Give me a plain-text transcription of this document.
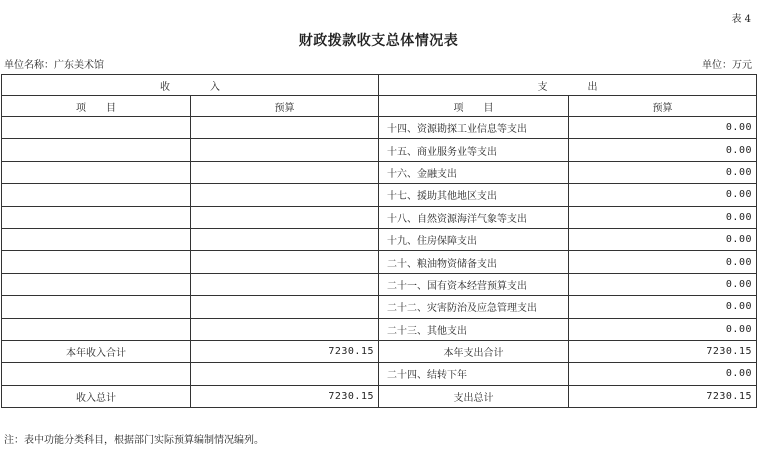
表 4
财政拨款收支总体情况表
单位名称：广东美术馆	单位：万元
收　　　　入		支　　　　出	
项　　目	预算	项　　目	预算
		十四、资源勘探工业信息等支出	0.00
		十五、商业服务业等支出	0.00
		十六、金融支出	0.00
		十七、援助其他地区支出	0.00
		十八、自然资源海洋气象等支出	0.00
		十九、住房保障支出	0.00
		二十、粮油物资储备支出	0.00
		二十一、国有资本经营预算支出	0.00
		二十二、灾害防治及应急管理支出	0.00
		二十三、其他支出	0.00
本年收入合计	7230.15	本年支出合计	7230.15
		二十四、结转下年	0.00
收入总计	7230.15	支出总计	7230.15
注：表中功能分类科目，根据部门实际预算编制情况编列。
